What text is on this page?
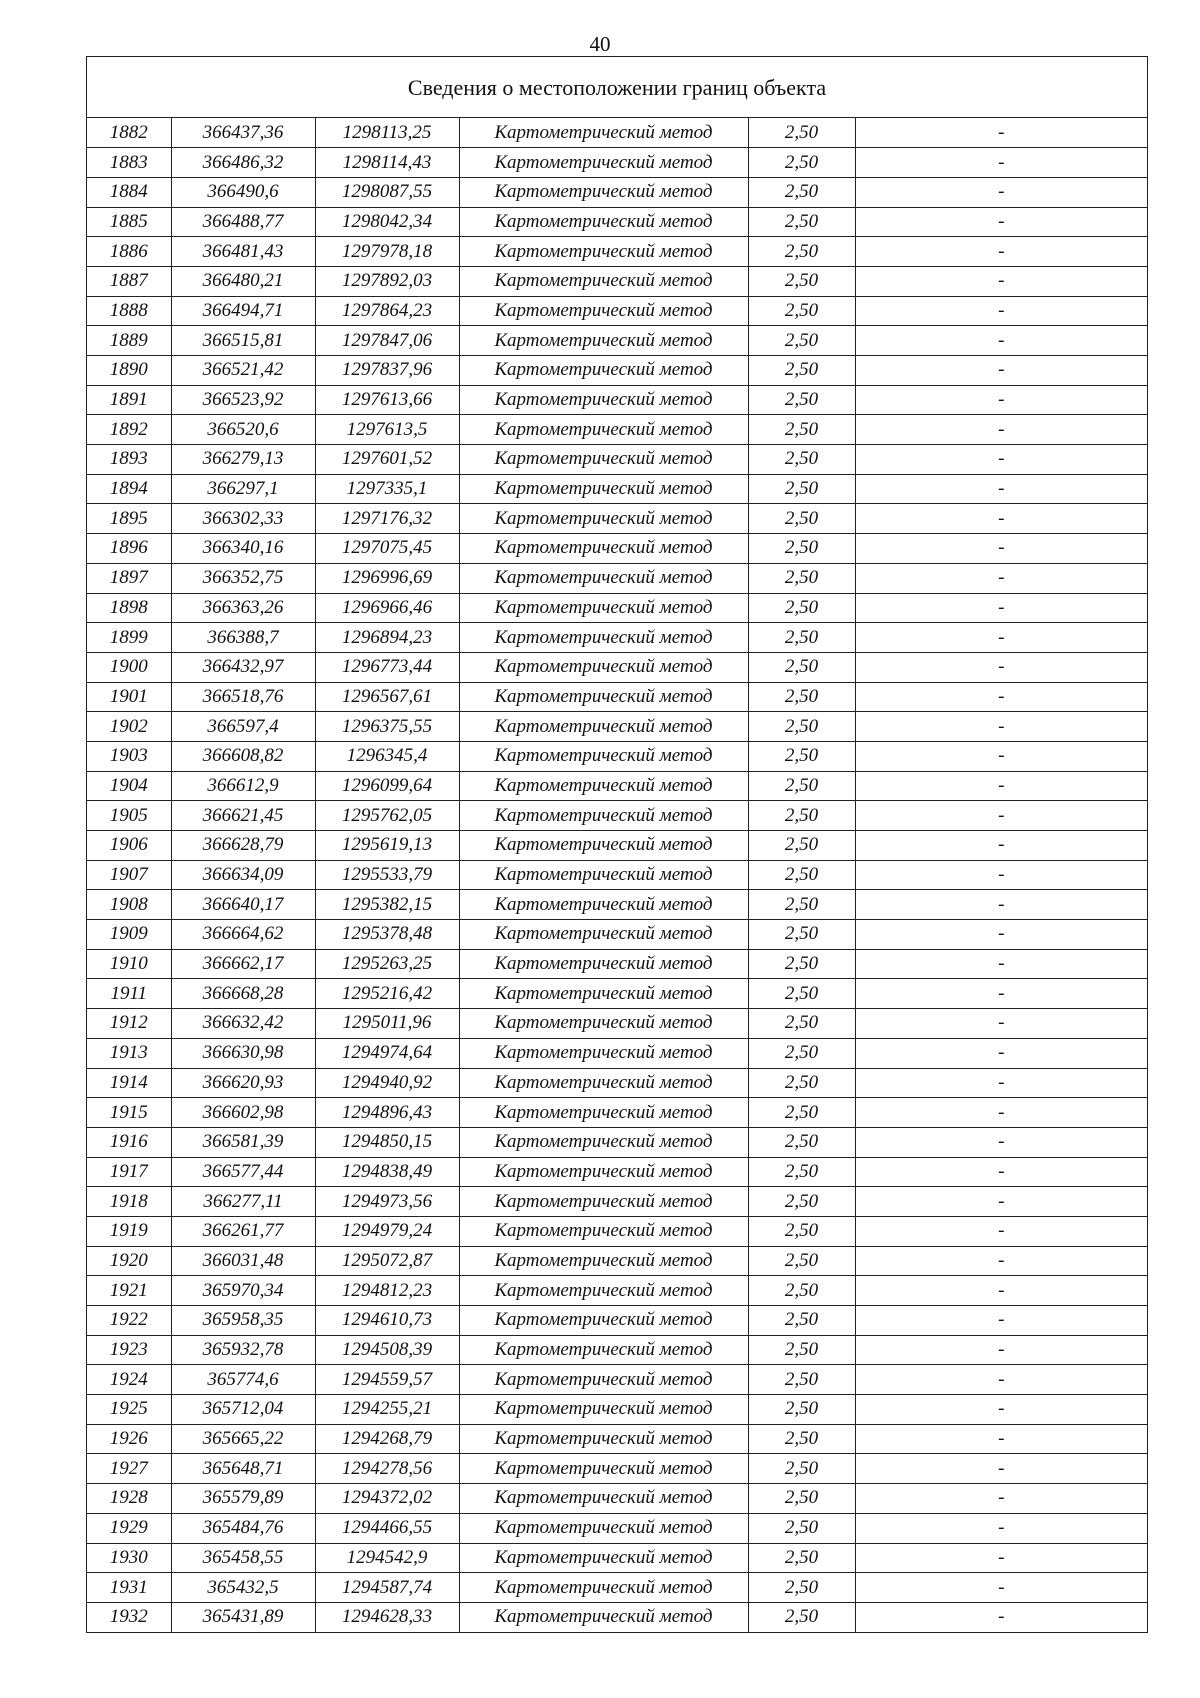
40
Сведения о местоположении границ объекта
1882	366437,36	1298113,25	Картометрический метод	2,50	-
1883	366486,32	1298114,43	Картометрический метод	2,50	-
1884	366490,6	1298087,55	Картометрический метод	2,50	-
1885	366488,77	1298042,34	Картометрический метод	2,50	-
1886	366481,43	1297978,18	Картометрический метод	2,50	-
1887	366480,21	1297892,03	Картометрический метод	2,50	-
1888	366494,71	1297864,23	Картометрический метод	2,50	-
1889	366515,81	1297847,06	Картометрический метод	2,50	-
1890	366521,42	1297837,96	Картометрический метод	2,50	-
1891	366523,92	1297613,66	Картометрический метод	2,50	-
1892	366520,6	1297613,5	Картометрический метод	2,50	-
1893	366279,13	1297601,52	Картометрический метод	2,50	-
1894	366297,1	1297335,1	Картометрический метод	2,50	-
1895	366302,33	1297176,32	Картометрический метод	2,50	-
1896	366340,16	1297075,45	Картометрический метод	2,50	-
1897	366352,75	1296996,69	Картометрический метод	2,50	-
1898	366363,26	1296966,46	Картометрический метод	2,50	-
1899	366388,7	1296894,23	Картометрический метод	2,50	-
1900	366432,97	1296773,44	Картометрический метод	2,50	-
1901	366518,76	1296567,61	Картометрический метод	2,50	-
1902	366597,4	1296375,55	Картометрический метод	2,50	-
1903	366608,82	1296345,4	Картометрический метод	2,50	-
1904	366612,9	1296099,64	Картометрический метод	2,50	-
1905	366621,45	1295762,05	Картометрический метод	2,50	-
1906	366628,79	1295619,13	Картометрический метод	2,50	-
1907	366634,09	1295533,79	Картометрический метод	2,50	-
1908	366640,17	1295382,15	Картометрический метод	2,50	-
1909	366664,62	1295378,48	Картометрический метод	2,50	-
1910	366662,17	1295263,25	Картометрический метод	2,50	-
1911	366668,28	1295216,42	Картометрический метод	2,50	-
1912	366632,42	1295011,96	Картометрический метод	2,50	-
1913	366630,98	1294974,64	Картометрический метод	2,50	-
1914	366620,93	1294940,92	Картометрический метод	2,50	-
1915	366602,98	1294896,43	Картометрический метод	2,50	-
1916	366581,39	1294850,15	Картометрический метод	2,50	-
1917	366577,44	1294838,49	Картометрический метод	2,50	-
1918	366277,11	1294973,56	Картометрический метод	2,50	-
1919	366261,77	1294979,24	Картометрический метод	2,50	-
1920	366031,48	1295072,87	Картометрический метод	2,50	-
1921	365970,34	1294812,23	Картометрический метод	2,50	-
1922	365958,35	1294610,73	Картометрический метод	2,50	-
1923	365932,78	1294508,39	Картометрический метод	2,50	-
1924	365774,6	1294559,57	Картометрический метод	2,50	-
1925	365712,04	1294255,21	Картометрический метод	2,50	-
1926	365665,22	1294268,79	Картометрический метод	2,50	-
1927	365648,71	1294278,56	Картометрический метод	2,50	-
1928	365579,89	1294372,02	Картометрический метод	2,50	-
1929	365484,76	1294466,55	Картометрический метод	2,50	-
1930	365458,55	1294542,9	Картометрический метод	2,50	-
1931	365432,5	1294587,74	Картометрический метод	2,50	-
1932	365431,89	1294628,33	Картометрический метод	2,50	-
